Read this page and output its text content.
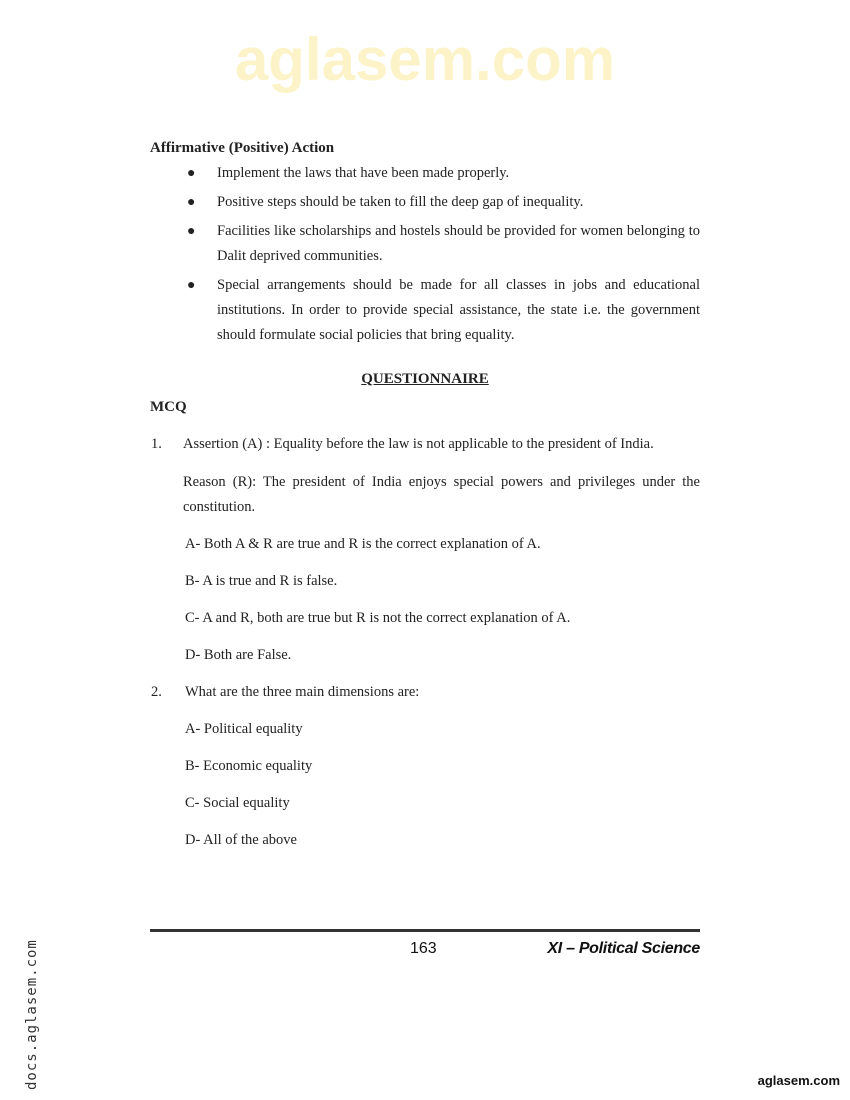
aglasem.com
Affirmative (Positive) Action
●	Implement the laws that have been made properly.
●	Positive steps should be taken to fill the deep gap of inequality.
●	Facilities like scholarships and hostels should be provided for women belonging to Dalit deprived communities.
●	Special arrangements should be made for all classes in jobs and educational institutions. In order to provide special assistance, the state i.e. the government should formulate social policies that bring equality.
QUESTIONNAIRE
MCQ
1.	Assertion (A) : Equality before the law is not applicable to the president of India.
Reason (R): The president of India enjoys special powers and privileges under the constitution.
A- Both A & R are true and R is the correct explanation of A.
B- A is true and R is false.
C- A and R, both are true but R is not the correct explanation of A.
D- Both are False.
2.	What are the three main dimensions are:
A- Political equality
B- Economic equality
C- Social equality
D- All of the above
163	XI – Political Science
docs.aglasem.com	aglasem.com
